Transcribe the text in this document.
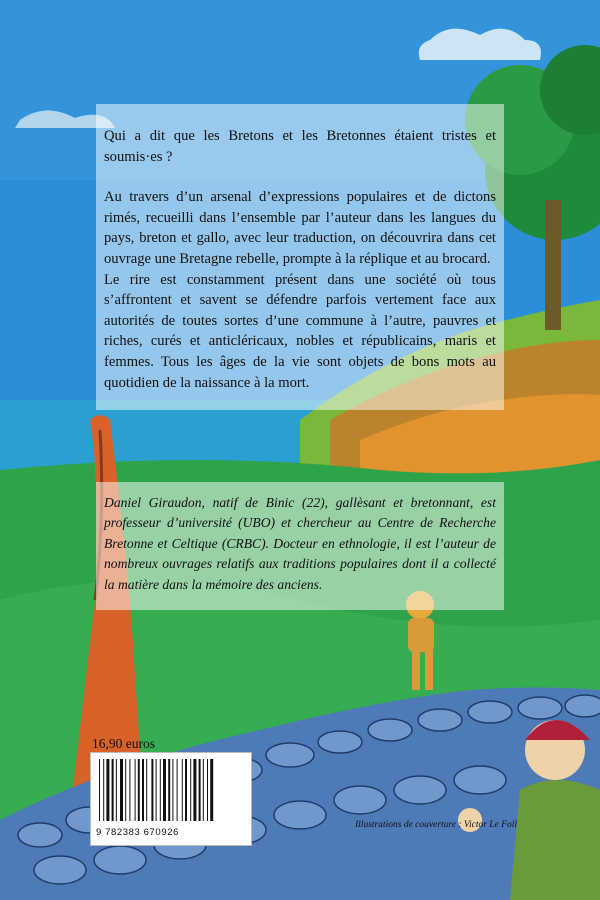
Qui a dit que les Bretons et les Bretonnes étaient tristes et soumis·es ?

Au travers d’un arsenal d’expressions populaires et de dictons rimés, recueilli dans l’ensemble par l’auteur dans les langues du pays, breton et gallo, avec leur traduction, on découvrira dans cet ouvrage une Bretagne rebelle, prompte à la réplique et au brocard.

Le rire est constamment présent dans une société où tous s’affrontent et savent se défendre parfois vertement face aux autorités de toutes sortes d’une commune à l’autre, pauvres et riches, curés et anticléricaux, nobles et républicains, maris et femmes. Tous les âges de la vie sont objets de bons mots au quotidien de la naissance à la mort.

Daniel Giraudon, natif de Binic (22), gallèsant et bretonnant, est professeur d’université (UBO) et chercheur au Centre de Recherche Bretonne et Celtique (CRBC). Docteur en ethnologie, il est l’auteur de nombreux ouvrages relatifs aux traditions populaires dont il a collecté la matière dans la mémoire des anciens.

16,90 euros
9 782383 670926
Illustrations de couverture : Victor Le Foll
